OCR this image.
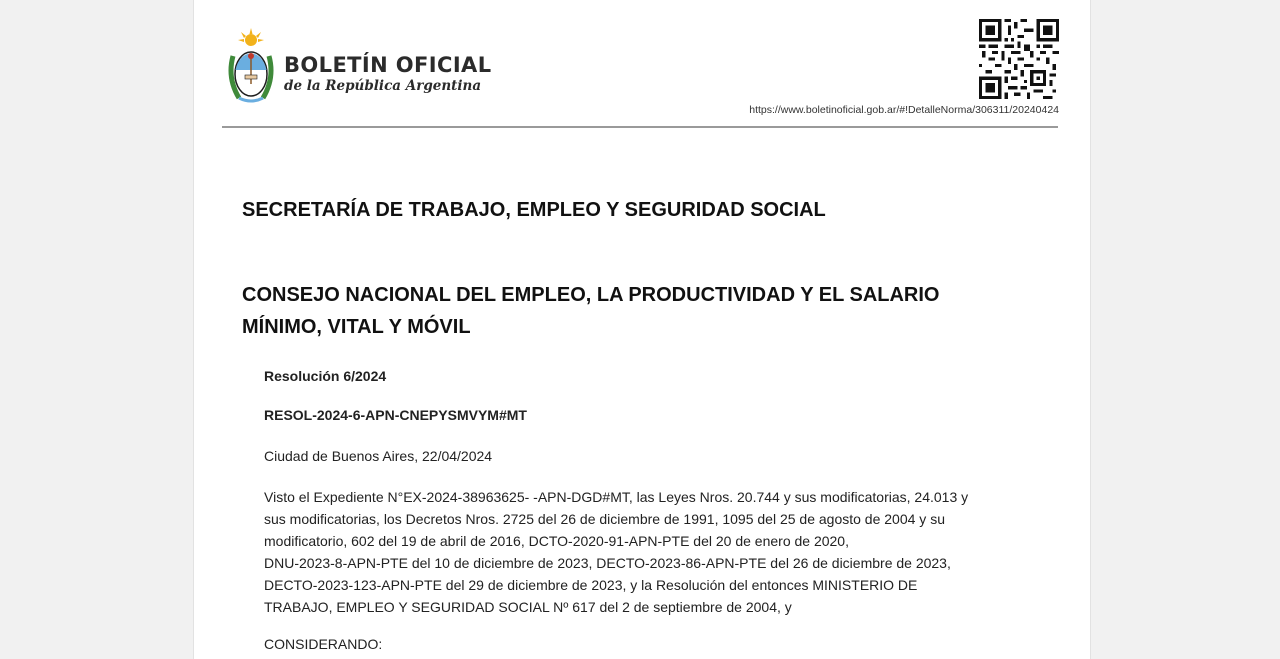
BOLETÍN OFICIAL
de la República Argentina
https://www.boletinoficial.gob.ar/#!DetalleNorma/306311/20240424
SECRETARÍA DE TRABAJO, EMPLEO Y SEGURIDAD SOCIAL
CONSEJO NACIONAL DEL EMPLEO, LA PRODUCTIVIDAD Y EL SALARIO
MÍNIMO, VITAL Y MÓVIL
Resolución 6/2024
RESOL-2024-6-APN-CNEPYSMVYM#MT
Ciudad de Buenos Aires, 22/04/2024
Visto el Expediente N°EX-2024-38963625- -APN-DGD#MT, las Leyes Nros. 20.744 y sus modificatorias, 24.013 y
sus modificatorias, los Decretos Nros. 2725 del 26 de diciembre de 1991, 1095 del 25 de agosto de 2004 y su
modificatorio, 602 del 19 de abril de 2016, DCTO-2020-91-APN-PTE del 20 de enero de 2020,
DNU-2023-8-APN-PTE del 10 de diciembre de 2023, DECTO-2023-86-APN-PTE del 26 de diciembre de 2023,
DECTO-2023-123-APN-PTE del 29 de diciembre de 2023, y la Resolución del entonces MINISTERIO DE
TRABAJO, EMPLEO Y SEGURIDAD SOCIAL Nº 617 del 2 de septiembre de 2004, y
CONSIDERANDO:
